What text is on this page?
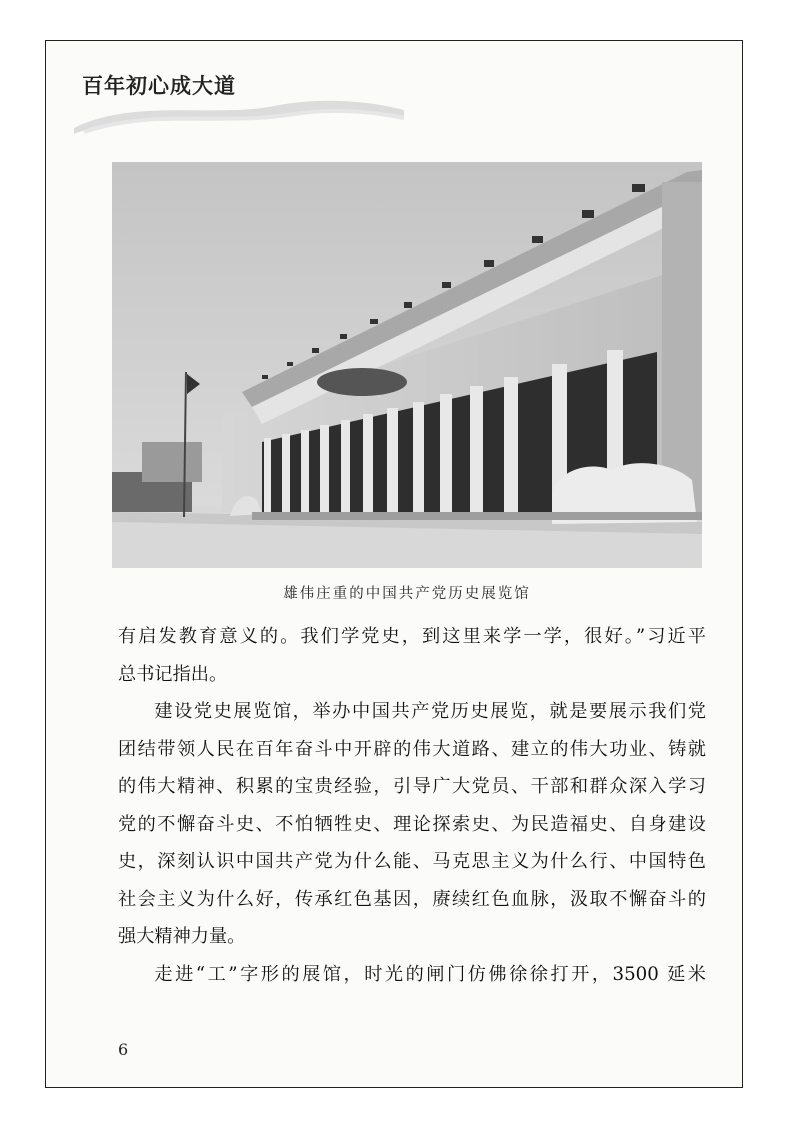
百年初心成大道
雄伟庄重的中国共产党历史展览馆

有启发教育意义的。我们学党史，到这里来学一学，很好。”习近平

总书记指出。

建设党史展览馆，举办中国共产党历史展览，就是要展示我们党

团结带领人民在百年奋斗中开辟的伟大道路、建立的伟大功业、铸就

的伟大精神、积累的宝贵经验，引导广大党员、干部和群众深入学习

党的不懈奋斗史、不怕牺牲史、理论探索史、为民造福史、自身建设

史，深刻认识中国共产党为什么能、马克思主义为什么行、中国特色

社会主义为什么好，传承红色基因，赓续红色血脉，汲取不懈奋斗的

强大精神力量。

走进“工”字形的展馆，时光的闸门仿佛徐徐打开，3500 延米

6
